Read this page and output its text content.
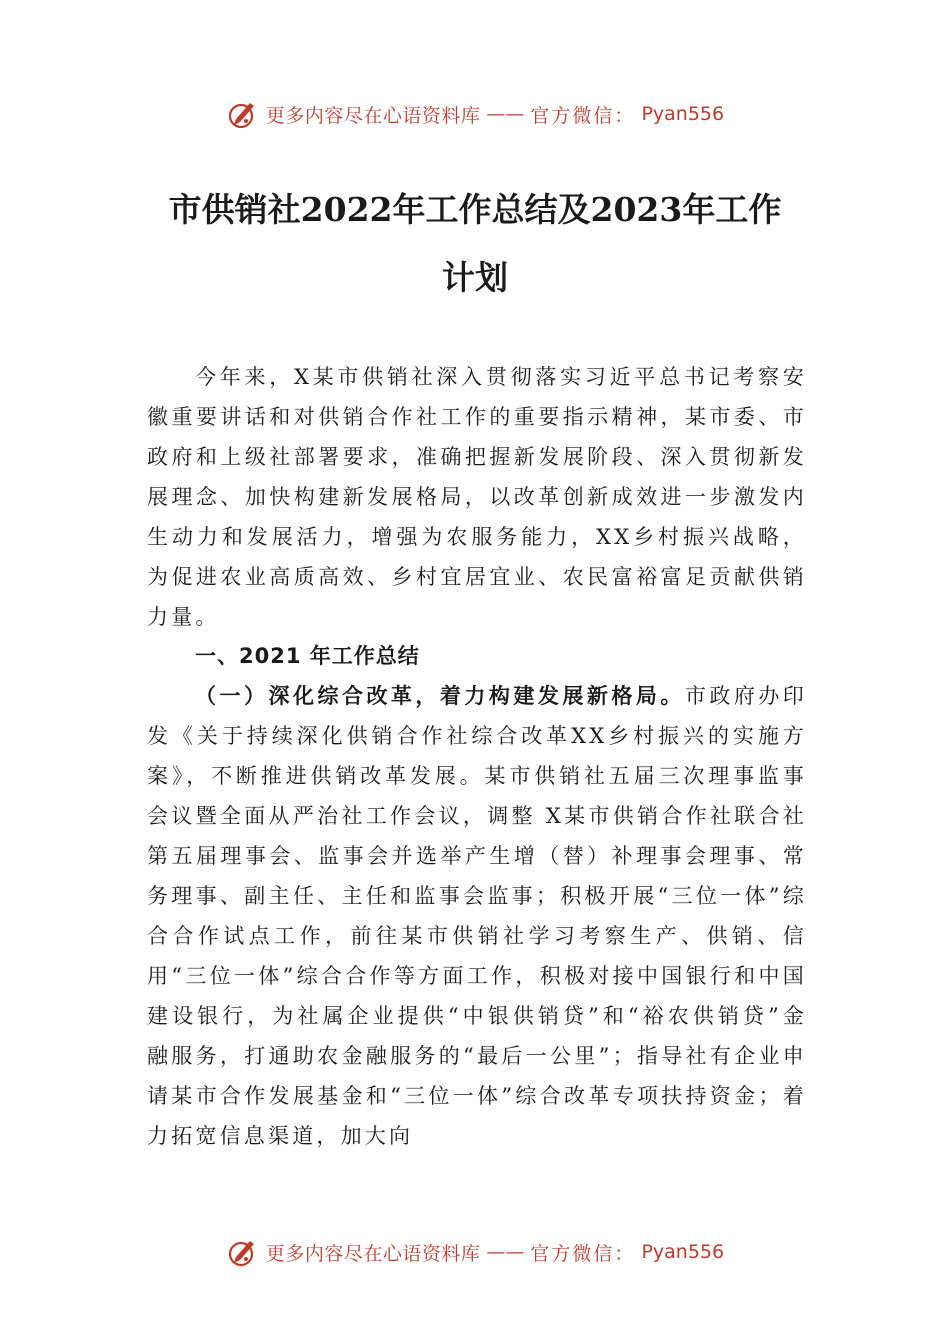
更多内容尽在心语资料库 —— 官方微信： Pyan556
市供销社2022年工作总结及2023年工作
计划
今年来，X某市供销社深入贯彻落实习近平总书记考察安徽重要讲话和对供销合作社工作的重要指示精神，某市委、市政府和上级社部署要求，准确把握新发展阶段、深入贯彻新发展理念、加快构建新发展格局，以改革创新成效进一步激发内生动力和发展活力，增强为农服务能力，XX乡村振兴战略，为促进农业高质高效、乡村宜居宜业、农民富裕富足贡献供销力量。
一、2021 年工作总结
（一）深化综合改革，着力构建发展新格局。市政府办印发《关于持续深化供销合作社综合改革XX乡村振兴的实施方案》，不断推进供销改革发展。某市供销社五届三次理事监事会议暨全面从严治社工作会议，调整 X某市供销合作社联合社第五届理事会、监事会并选举产生增（替）补理事会理事、常务理事、副主任、主任和监事会监事；积极开展“三位一体”综合合作试点工作，前往某市供销社学习考察生产、供销、信用“三位一体”综合合作等方面工作，积极对接中国银行和中国建设银行，为社属企业提供“中银供销贷”和“裕农供销贷”金融服务，打通助农金融服务的“最后一公里”；指导社有企业申请某市合作发展基金和“三位一体”综合改革专项扶持资金；着力拓宽信息渠道，加大向
更多内容尽在心语资料库 —— 官方微信： Pyan556
